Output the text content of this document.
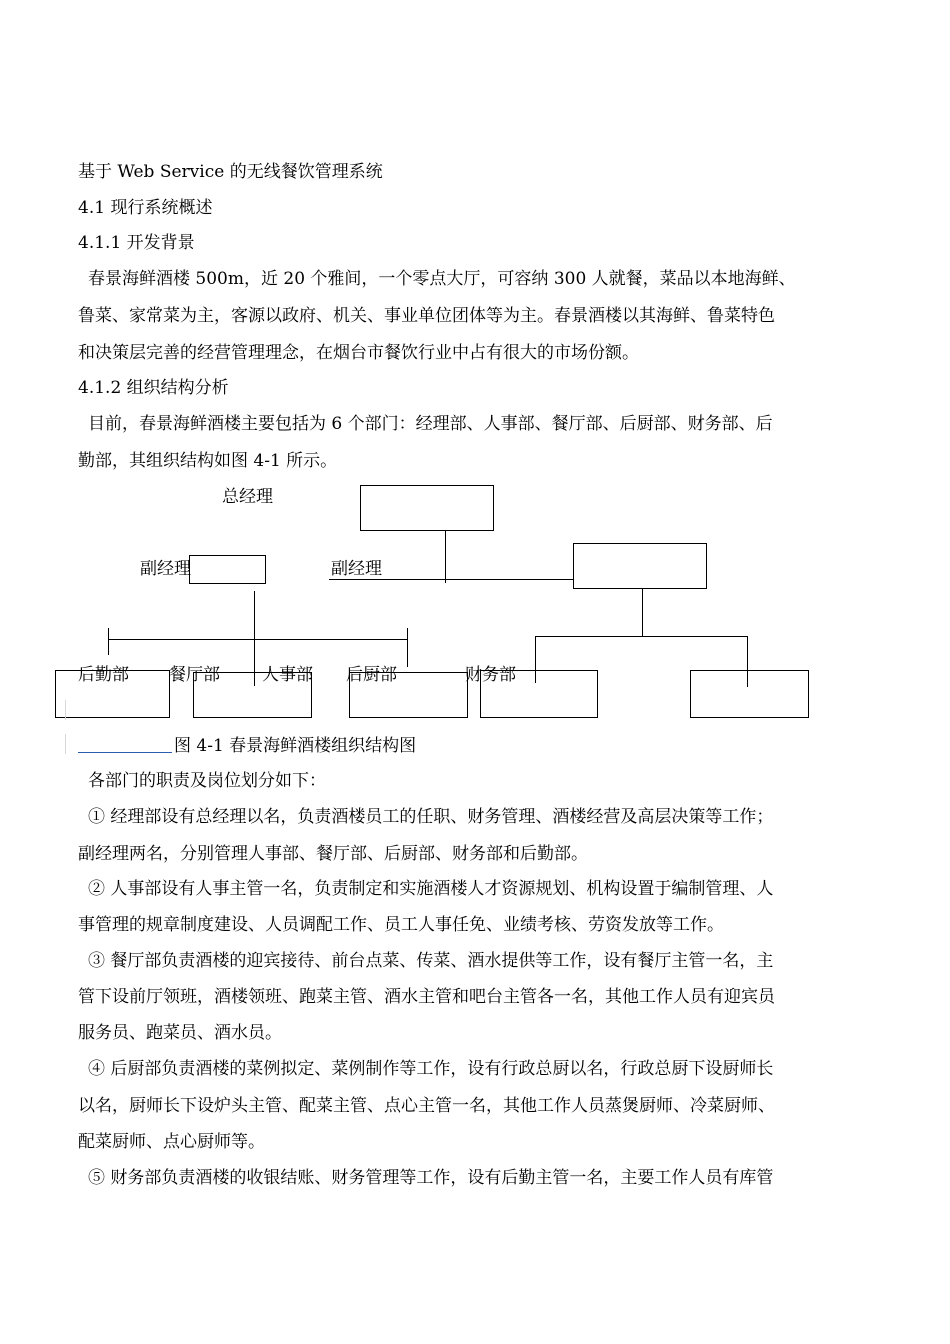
基于 Web Service 的无线餐饮管理系统
4.1 现行系统概述
4.1.1 开发背景
春景海鲜酒楼 500m，近 20 个雅间，一个零点大厅，可容纳 300 人就餐，菜品以本地海鲜、
鲁菜、家常菜为主，客源以政府、机关、事业单位团体等为主。春景酒楼以其海鲜、鲁菜特色
和决策层完善的经营管理理念，在烟台市餐饮行业中占有很大的市场份额。
4.1.2 组织结构分析
目前，春景海鲜酒楼主要包括为 6 个部门：经理部、人事部、餐厅部、后厨部、财务部、后
勤部，其组织结构如图 4-1 所示。
总经理
副经理	副经理
后勤部 餐厅部 人事部 后厨部	财务部
图 4-1 春景海鲜酒楼组织结构图
各部门的职责及岗位划分如下：
① 经理部设有总经理以名，负责酒楼员工的任职、财务管理、酒楼经营及高层决策等工作；
副经理两名，分别管理人事部、餐厅部、后厨部、财务部和后勤部。
② 人事部设有人事主管一名，负责制定和实施酒楼人才资源规划、机构设置于编制管理、人
事管理的规章制度建设、人员调配工作、员工人事任免、业绩考核、劳资发放等工作。
③ 餐厅部负责酒楼的迎宾接待、前台点菜、传菜、酒水提供等工作，设有餐厅主管一名，主
管下设前厅领班，酒楼领班、跑菜主管、酒水主管和吧台主管各一名，其他工作人员有迎宾员
服务员、跑菜员、酒水员。
④ 后厨部负责酒楼的菜例拟定、菜例制作等工作，设有行政总厨以名，行政总厨下设厨师长
以名，厨师长下设炉头主管、配菜主管、点心主管一名，其他工作人员蒸煲厨师、冷菜厨师、
配菜厨师、点心厨师等。
⑤ 财务部负责酒楼的收银结账、财务管理等工作，设有后勤主管一名，主要工作人员有库管
